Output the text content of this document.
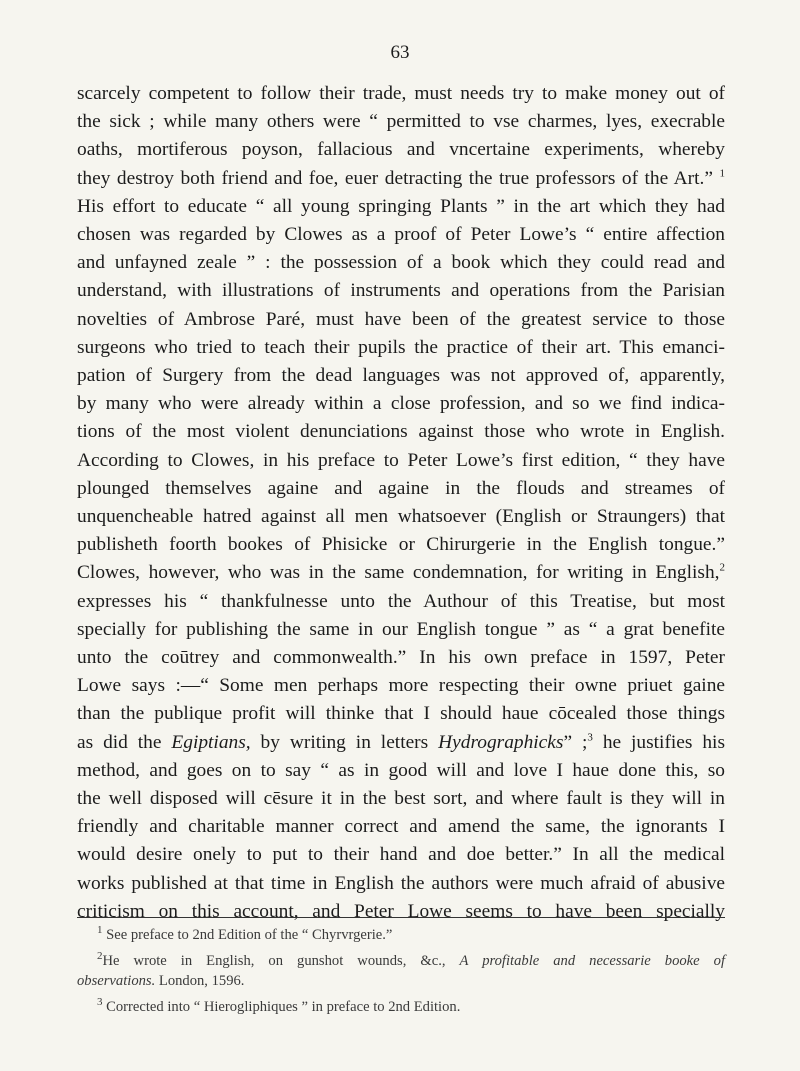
63
scarcely competent to follow their trade, must needs try to make money out of
the sick ; while many others were “ permitted to vse charmes, lyes, execrable
oaths, mortiferous poyson, fallacious and vncertaine experiments, whereby
they destroy both friend and foe, euer detracting the true professors of the Art.” $^1$
His effort to educate “ all young springing Plants ” in the art which they had
chosen was regarded by Clowes as a proof of Peter Lowe’s “ entire affection
and unfayned zeale ” : the possession of a book which they could read and
understand, with illustrations of instruments and operations from the Parisian
novelties of Ambrose Paré, must have been of the greatest service to those
surgeons who tried to teach their pupils the practice of their art. This emanci-
pation of Surgery from the dead languages was not approved of, apparently,
by many who were already within a close profession, and so we find indica-
tions of the most violent denunciations against those who wrote in English.
According to Clowes, in his preface to Peter Lowe’s first edition, “ they have
plounged themselves againe and againe in the flouds and streames of
unquencheable hatred against all men whatsoever (English or Straungers) that
publisheth foorth bookes of Phisicke or Chirurgerie in the English tongue.”
Clowes, however, who was in the same condemnation, for writing in English,$^2$
expresses his “ thankfulnesse unto the Authour of this Treatise, but most
specially for publishing the same in our English tongue ” as “ a grat benefite
unto the coūtrey and commonwealth.” In his own preface in 1597, Peter
Lowe says :—“ Some men perhaps more respecting their owne priuet gaine
than the publique profit will thinke that I should haue cōcealed those things
as did the Egiptians, by writing in letters Hydrographicks” ;$^3$ he justifies his
method, and goes on to say “ as in good will and love I haue done this, so
the well disposed will cēsure it in the best sort, and where fault is they will in
friendly and charitable manner correct and amend the same, the ignorants I
would desire onely to put to their hand and doe better.” In all the medical
works published at that time in English the authors were much afraid of abusive
criticism on this account, and Peter Lowe seems to have been specially

$^1$ See preface to 2nd Edition of the “ Chyrvrgerie.”

$^2$He wrote in English, on gunshot wounds, &c., A profitable and necessarie booke of
observations. London, 1596.

$^3$ Corrected into “ Hierogliphiques ” in preface to 2nd Edition.
